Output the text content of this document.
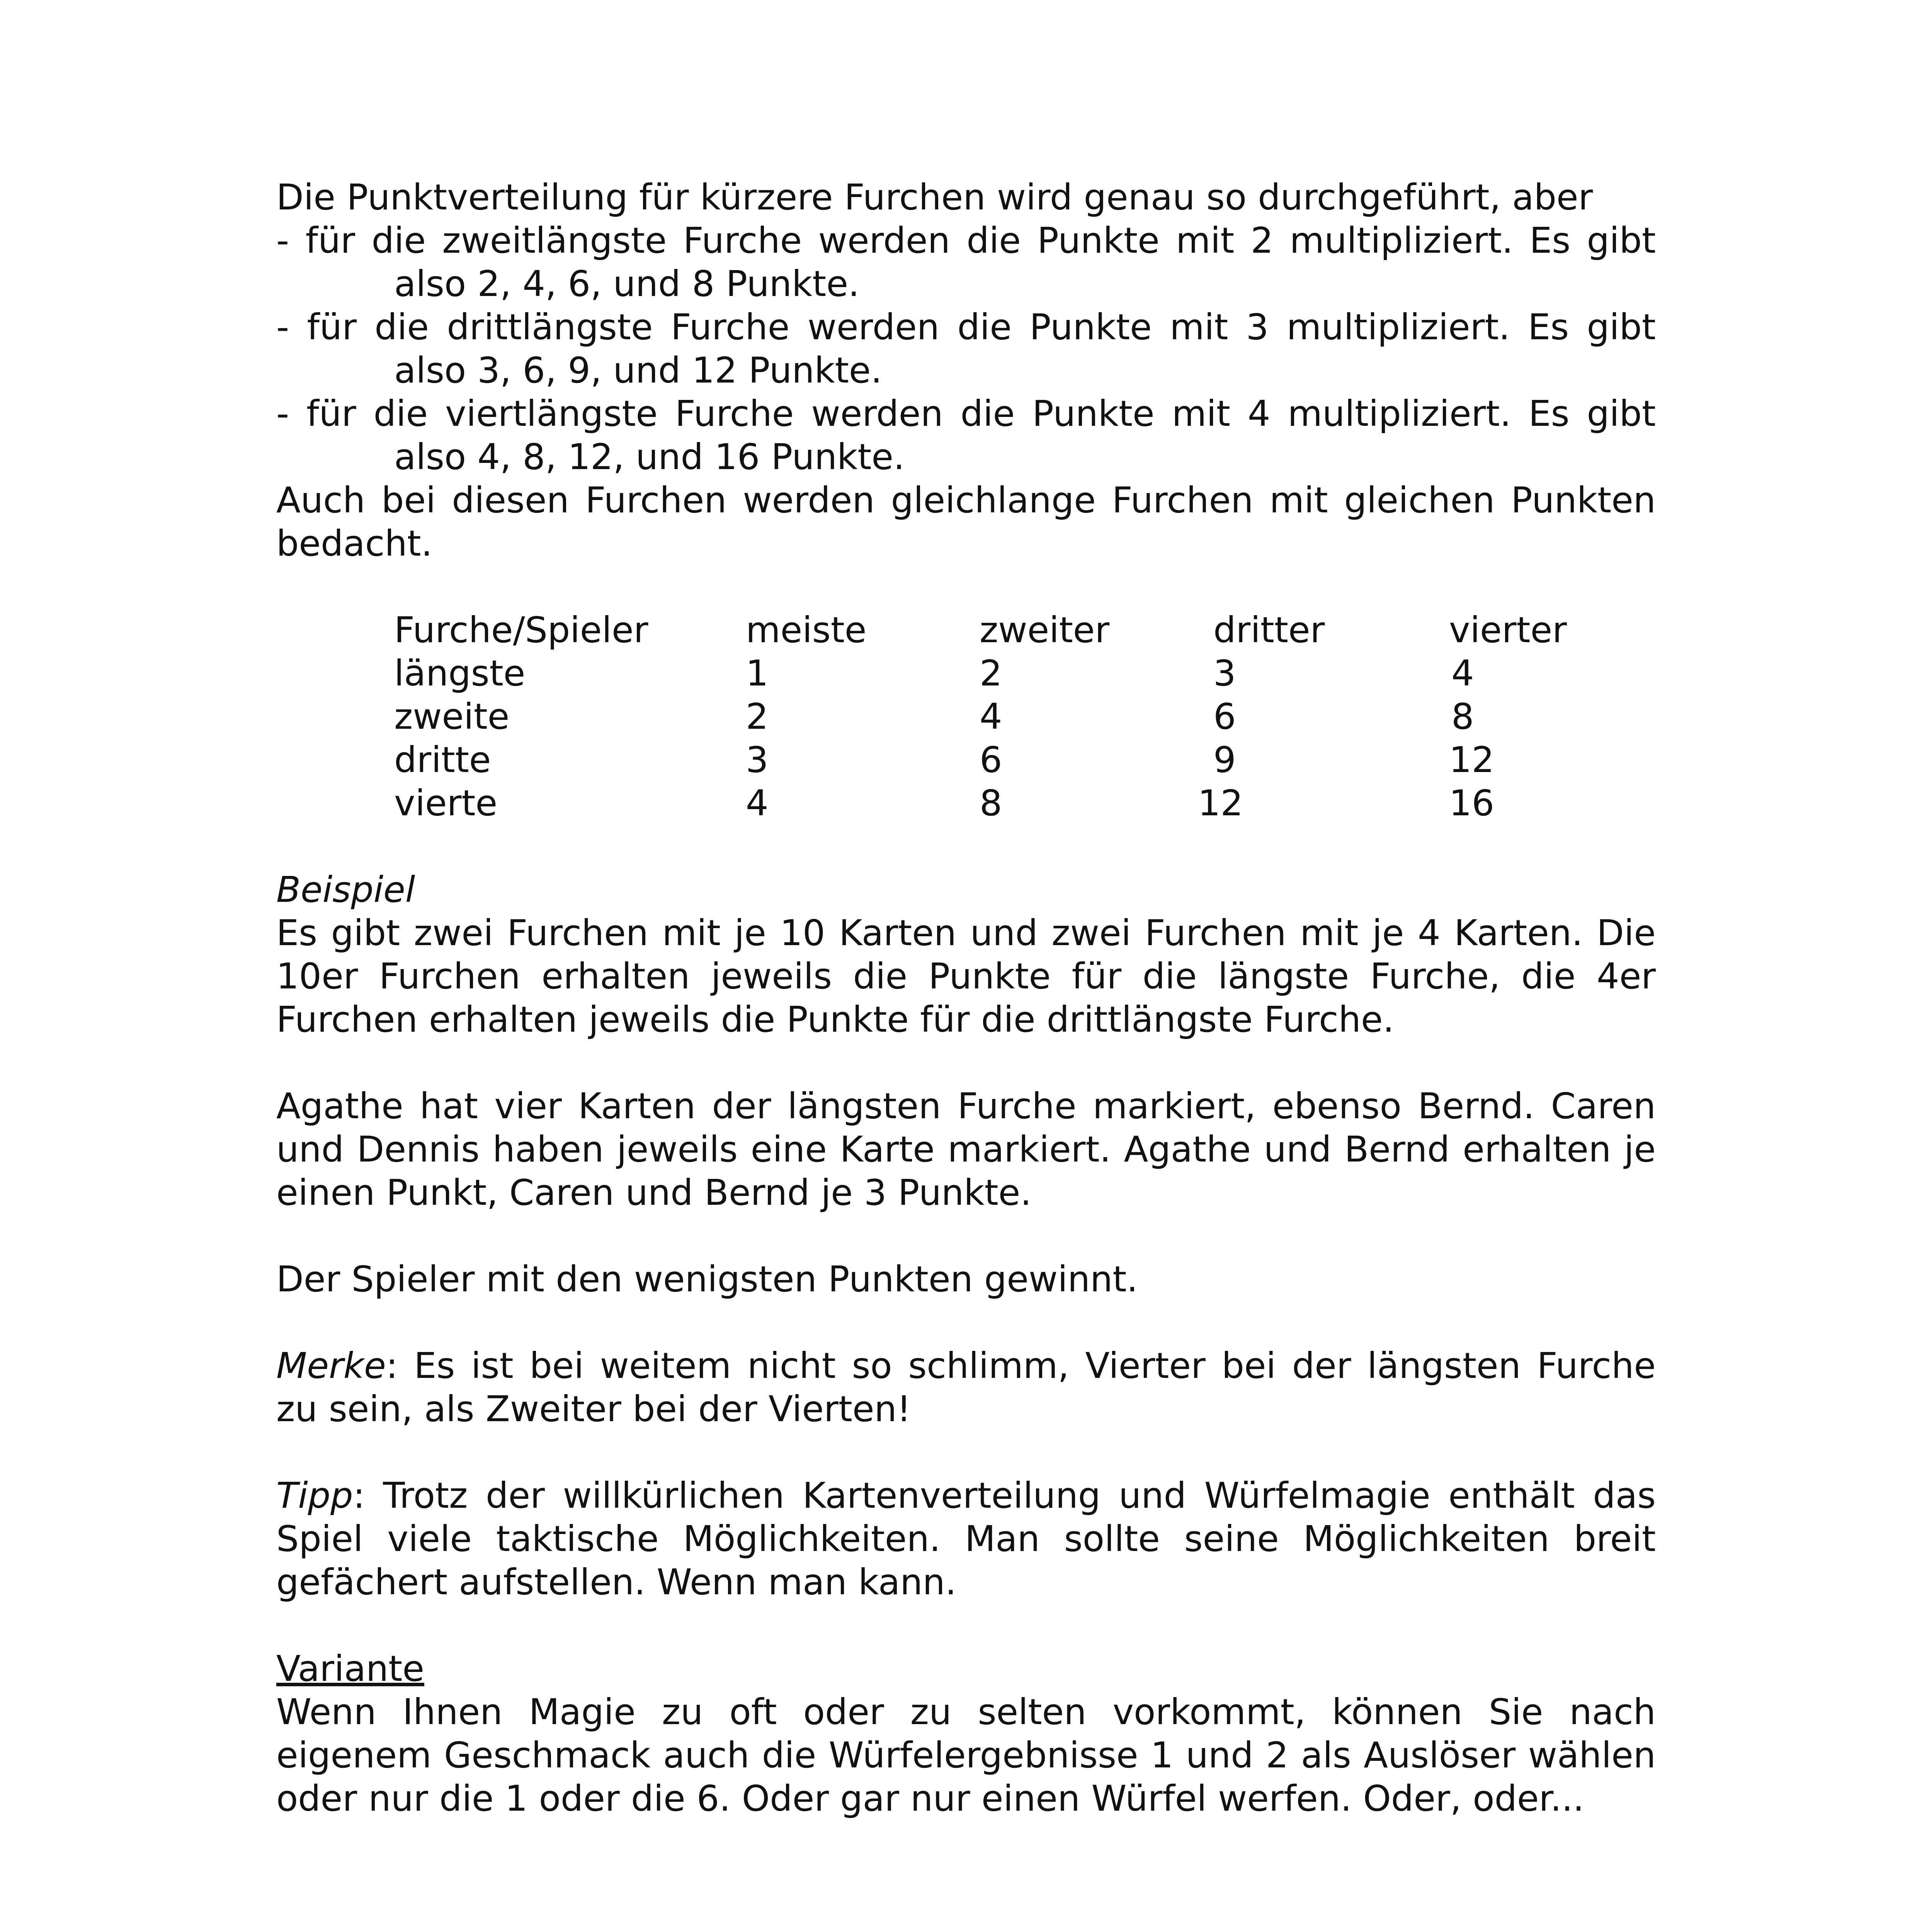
Die Punktverteilung für kürzere Furchen wird genau so durchgeführt, aber
- für die zweitlängste Furche werden die Punkte mit 2 multipliziert. Es gibt
also 2, 4, 6, und 8 Punkte.
- für die drittlängste Furche werden die Punkte mit 3 multipliziert. Es gibt
also 3, 6, 9, und 12 Punkte.
- für die viertlängste Furche werden die Punkte mit 4 multipliziert. Es gibt
also 4, 8, 12, und 16 Punkte.
Auch bei diesen Furchen werden gleichlange Furchen mit gleichen Punkten
bedacht.
Furche/Spieler	meiste	zweiter	dritter	vierter
längste	1	2	3	4
zweite	2	4	6	8
dritte	3	6	9	12
vierte	4	8	12	16
Beispiel
Es gibt zwei Furchen mit je 10 Karten und zwei Furchen mit je 4 Karten. Die
10er Furchen erhalten jeweils die Punkte für die längste Furche, die 4er
Furchen erhalten jeweils die Punkte für die drittlängste Furche.
Agathe hat vier Karten der längsten Furche markiert, ebenso Bernd. Caren
und Dennis haben jeweils eine Karte markiert. Agathe und Bernd erhalten je
einen Punkt, Caren und Bernd je 3 Punkte.
Der Spieler mit den wenigsten Punkten gewinnt.
Merke: Es ist bei weitem nicht so schlimm, Vierter bei der längsten Furche
zu sein, als Zweiter bei der Vierten!
Tipp: Trotz der willkürlichen Kartenverteilung und Würfelmagie enthält das
Spiel viele taktische Möglichkeiten. Man sollte seine Möglichkeiten breit
gefächert aufstellen. Wenn man kann.
Variante
Wenn Ihnen Magie zu oft oder zu selten vorkommt, können Sie nach
eigenem Geschmack auch die Würfelergebnisse 1 und 2 als Auslöser wählen
oder nur die 1 oder die 6. Oder gar nur einen Würfel werfen. Oder, oder...
